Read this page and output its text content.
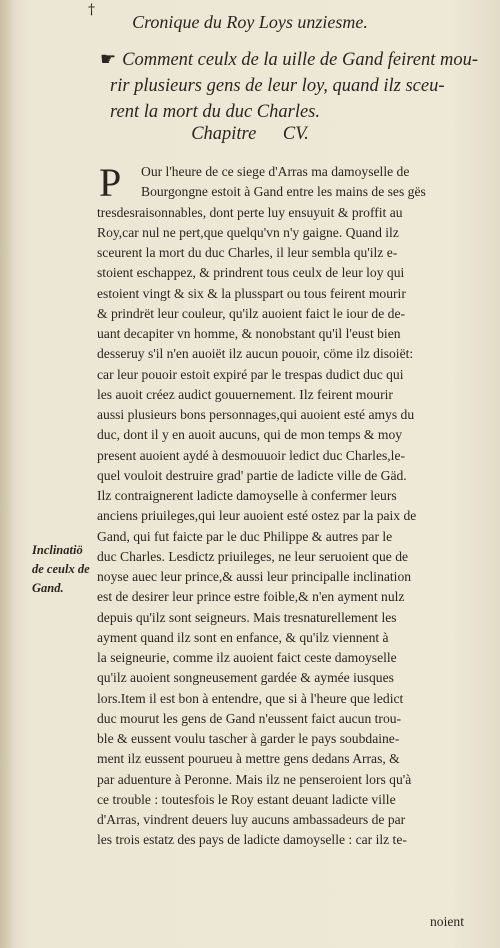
†
Cronique du Roy Loys unziesme.
☛ Comment ceulx de la uille de Gand feirent mou-
rir plusieurs gens de leur loy, quand ilz sceu-
rent la mort du duc Charles.
Chapitre CV.
P	Our l'heure de ce siege d'Arras ma damoyselle de
Bourgongne estoit à Gand entre les mains de ses gës
tresdesraisonnables, dont perte luy ensuyuit & proffit au
Roy,car nul ne pert,que quelqu'vn n'y gaigne. Quand ilz
sceurent la mort du duc Charles, il leur sembla qu'ilz e-
stoient eschappez, & prindrent tous ceulx de leur loy qui
estoient vingt & six & la plusspart ou tous feirent mourir
& prindrët leur couleur, qu'ilz auoient faict le iour de de-
uant decapiter vn homme, & nonobstant qu'il l'eust bien
desseruy s'il n'en auoiët ilz aucun pouoir, cöme ilz disoiët:
car leur pouoir estoit expiré par le trespas dudict duc qui
les auoit créez audict gouuernement. Ilz feirent mourir
aussi plusieurs bons personnages,qui auoient esté amys du
duc, dont il y en auoit aucuns, qui de mon temps & moy
present auoient aydé à desmouuoir ledict duc Charles,le-
quel vouloit destruire grad' partie de ladicte ville de Gäd.
Ilz contraignerent ladicte damoyselle à confermer leurs
anciens priuileges,qui leur auoient esté ostez par la paix de
Gand, qui fut faicte par le duc Philippe & autres par le
duc Charles. Lesdictz priuileges, ne leur seruoient que de
noyse auec leur prince,& aussi leur principalle inclination
est de desirer leur prince estre foible,& n'en ayment nulz
depuis qu'ilz sont seigneurs. Mais tresnaturellement les
ayment quand ilz sont en enfance, & qu'ilz viennent à
la seigneurie, comme ilz auoient faict ceste damoyselle
qu'ilz auoient songneusement gardée & aymée iusques
lors.Item il est bon à entendre, que si à l'heure que ledict
duc mourut les gens de Gand n'eussent faict aucun trou-
ble & eussent voulu tascher à garder le pays soubdaine-
ment ilz eussent pourueu à mettre gens dedans Arras, &
par aduenture à Peronne. Mais ilz ne penseroient lors qu'à
ce trouble : toutesfois le Roy estant deuant ladicte ville
d'Arras, vindrent deuers luy aucuns ambassadeurs de par
les trois estatz des pays de ladicte damoyselle : car ilz te-
Inclinatiö
de ceulx de
Gand.
noient
